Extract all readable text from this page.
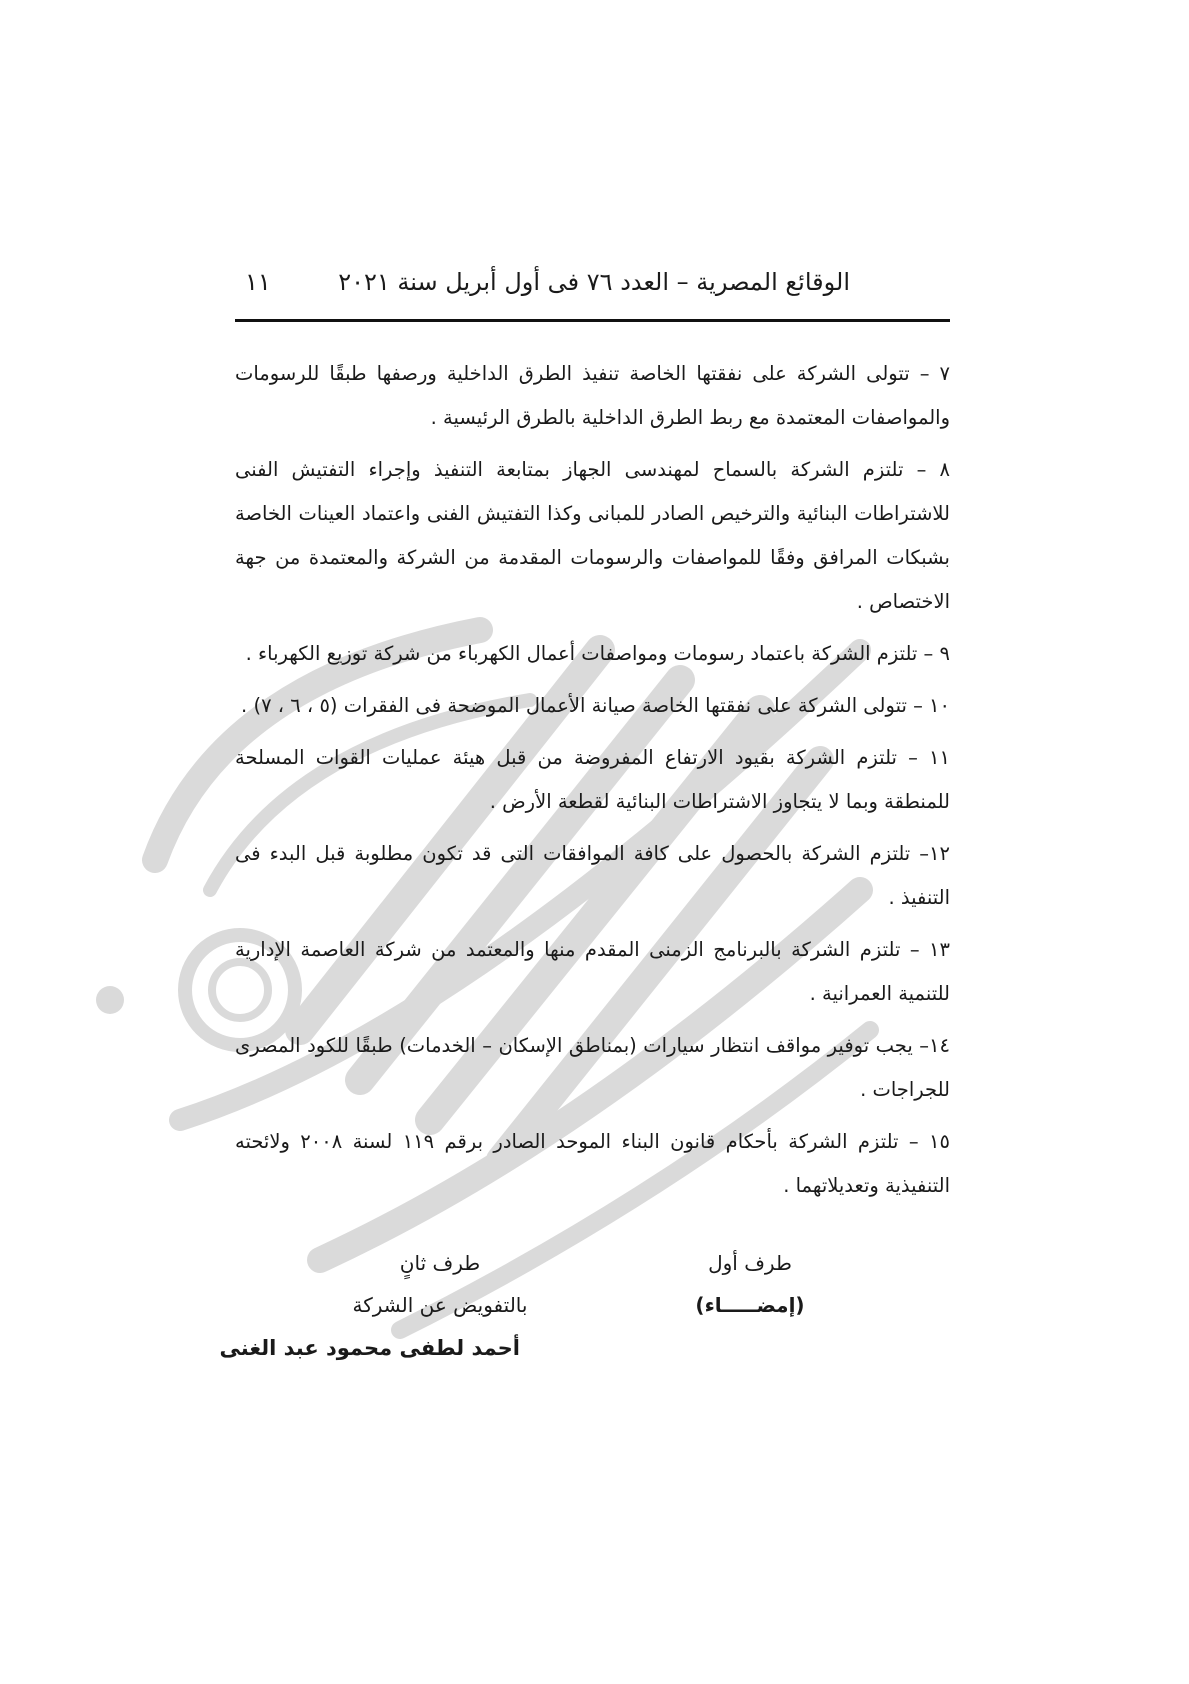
الوقائع المصرية – العدد ٧٦ فى أول أبريل سنة ٢٠٢١
١١

٧ – تتولى الشركة على نفقتها الخاصة تنفيذ الطرق الداخلية ورصفها طبقًا للرسومات والمواصفات المعتمدة مع ربط الطرق الداخلية بالطرق الرئيسية .

٨ – تلتزم الشركة بالسماح لمهندسى الجهاز بمتابعة التنفيذ وإجراء التفتيش الفنى للاشتراطات البنائية والترخيص الصادر للمبانى وكذا التفتيش الفنى واعتماد العينات الخاصة بشبكات المرافق وفقًا للمواصفات والرسومات المقدمة من الشركة والمعتمدة من جهة الاختصاص .

٩ – تلتزم الشركة باعتماد رسومات ومواصفات أعمال الكهرباء من شركة توزيع الكهرباء .

١٠ – تتولى الشركة على نفقتها الخاصة صيانة الأعمال الموضحة فى الفقرات (٥ ، ٦ ، ٧) .

١١ – تلتزم الشركة بقيود الارتفاع المفروضة من قبل هيئة عمليات القوات المسلحة للمنطقة وبما لا يتجاوز الاشتراطات البنائية لقطعة الأرض .

١٢– تلتزم الشركة بالحصول على كافة الموافقات التى قد تكون مطلوبة قبل البدء فى التنفيذ .

١٣ – تلتزم الشركة بالبرنامج الزمنى المقدم منها والمعتمد من شركة العاصمة الإدارية للتنمية العمرانية .

١٤– يجب توفير مواقف انتظار سيارات (بمناطق الإسكان – الخدمات) طبقًا للكود المصرى للجراجات .

١٥ – تلتزم الشركة بأحكام قانون البناء الموحد الصادر برقم ١١٩ لسنة ٢٠٠٨ ولائحته التنفيذية وتعديلاتهما .

طرف أول
(إمضـــــاء)
طرف ثانٍ
بالتفويض عن الشركة
أحمد لطفى محمود عبد الغنى
